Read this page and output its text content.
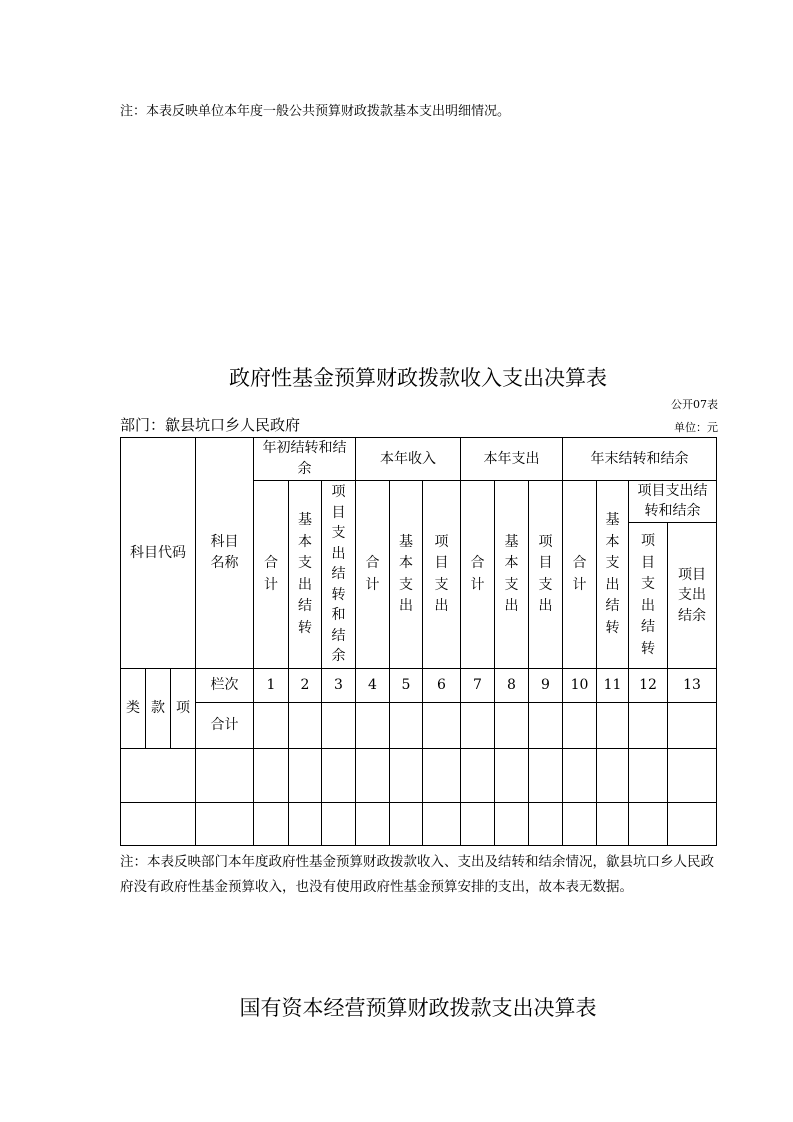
注：本表反映单位本年度一般公共预算财政拨款基本支出明细情况。
政府性基金预算财政拨款收入支出决算表
公开07表
部门：歙县坑口乡人民政府	单位：元
科目代码			科目名称	年初结转和结余			本年收入			本年支出			年末结转和结余			
				合计	基本支出结转	项目支出结转和结余	合计	基本支出	项目支出	合计	基本支出	项目支出	合计	基本支出结转	项目支出结转和结余	
															项目支出结转	项目支出结余
类	款	项	栏次	1	2	3	4	5	6	7	8	9	10	11	12	13
			合计													

注：本表反映部门本年度政府性基金预算财政拨款收入、支出及结转和结余情况，歙县坑口乡人民政府没有政府性基金预算收入，也没有使用政府性基金预算安排的支出，故本表无数据。
国有资本经营预算财政拨款支出决算表
